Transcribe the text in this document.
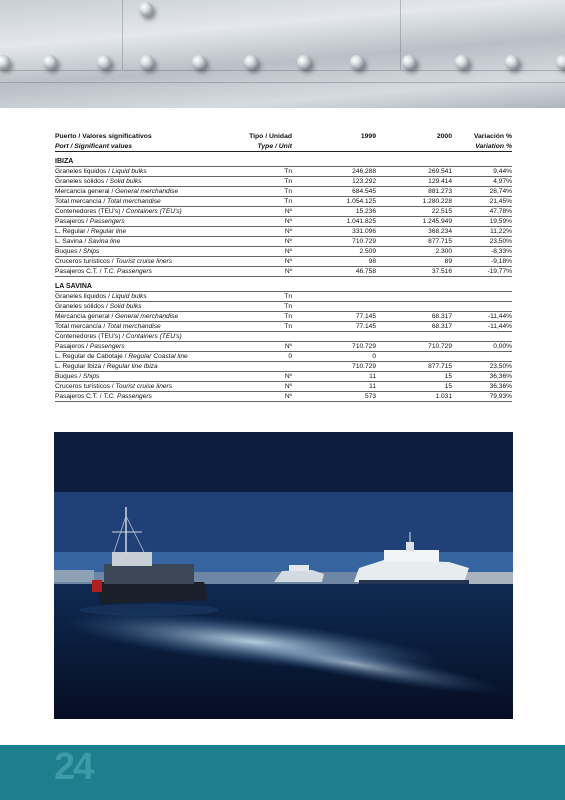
Puerto / Valores significativos	Tipo / Unidad	1999	2000	Variación %
Port / Significant values	Type / Unit			Variation %
IBIZA				
Graneles líquidos / Liquid bulks	Tn	246.288	269.541	9,44%
Graneles sólidos / Solid bulks	Tn	123.292	129.414	4,97%
Mercancía general / General merchandise	Tn	684.545	881.273	28,74%
Total mercancía / Total merchandise	Tn	1.054.125	1.280.228	21,45%
Contenedores (TEU's) / Containers (TEU's)	Nº	15.236	22.515	47,78%
Pasajeros / Passengers	Nº	1.041.825	1.245.949	19,59%
L. Regular / Regular line	Nº	331.096	368.234	11,22%
L. Savina / Savina line	Nº	710.729	877.715	23,50%
Buques / Ships	Nº	2.509	2.300	-8,33%
Cruceros turísticos / Tourist cruise liners	Nº	98	89	-9,18%
Pasajeros C.T. / T.C. Passengers	Nº	46.758	37.516	-19,77%
LA SAVINA				
Graneles líquidos / Liquid bulks	Tn			
Graneles sólidos / Solid bulks	Tn			
Mercancía general / General merchandise	Tn	77.145	68.317	-11,44%
Total mercancía / Total merchandise	Tn	77.145	68.317	-11,44%
Contenedores (TEU's) / Containers (TEU's)				
Pasajeros / Passengers	Nº	710.729	710.729	0,00%
L. Regular de Cabotaje / Regular Coastal line	0	0		
L. Regular Ibiza / Regular line Ibiza		710.729	877.715	23,50%
Buques / Ships	Nº	11	15	36,36%
Cruceros turísticos / Tourist cruise liners	Nº	11	15	36,36%
Pasajeros C.T. / T.C. Passengers	Nº	573	1.031	79,93%
24
